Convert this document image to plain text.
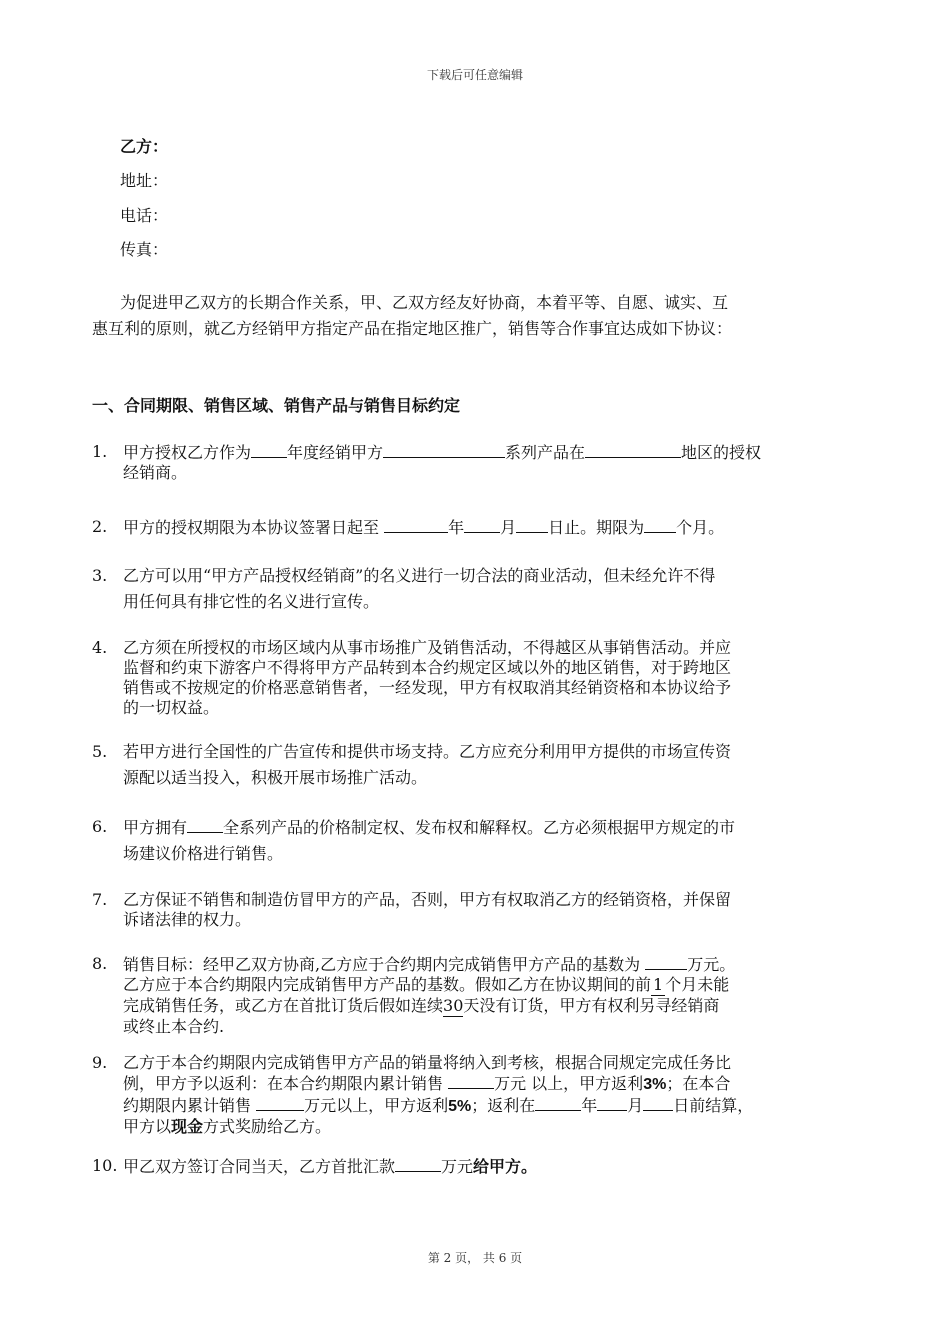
下载后可任意编辑
乙方：
地址：
电话：
传真：
为促进甲乙双方的长期合作关系，甲、乙双方经友好协商，本着平等、自愿、诚实、互
惠互利的原则，就乙方经销甲方指定产品在指定地区推广，销售等合作事宜达成如下协议：
一、合同期限、销售区域、销售产品与销售目标约定
1. 甲方授权乙方作为 年度经销甲方	系列产品在	地区的授权
经销商。
2. 甲方的授权期限为本协议签署日起至	年 月 日止。期限为 个月。
3. 乙方可以用“甲方产品授权经销商”的名义进行一切合法的商业活动，但未经允许不得
用任何具有排它性的名义进行宣传。
4. 乙方须在所授权的市场区域内从事市场推广及销售活动，不得越区从事销售活动。并应
监督和约束下游客户不得将甲方产品转到本合约规定区域以外的地区销售，对于跨地区
销售或不按规定的价格恶意销售者，一经发现，甲方有权取消其经销资格和本协议给予
的一切权益。
5. 若甲方进行全国性的广告宣传和提供市场支持。乙方应充分利用甲方提供的市场宣传资
源配以适当投入，积极开展市场推广活动。
6. 甲方拥有 全系列产品的价格制定权、发布权和解释权。乙方必须根据甲方规定的市
场建议价格进行销售。
7. 乙方保证不销售和制造仿冒甲方的产品，否则，甲方有权取消乙方的经销资格，并保留
诉诸法律的权力。
8. 销售目标：经甲乙双方协商,乙方应于合约期内完成销售甲方产品的基数为	万元。
乙方应于本合约期限内完成销售甲方产品的基数。假如乙方在协议期间的前 1 个月未能
完成销售任务，或乙方在首批订货后假如连续30天没有订货，甲方有权利另寻经销商
或终止本合约.
9. 乙方于本合约期限内完成销售甲方产品的销量将纳入到考核，根据合同规定完成任务比
例，甲方予以返利：在本合约期限内累计销售	万元 以上，甲方返利3%；在本合
约期限内累计销售	万元以上，甲方返利5%；返利在	年 月 日前结算，
甲方以现金方式奖励给乙方。
10. 甲乙双方签订合同当天，乙方首批汇款	万元给甲方。
第 2 页， 共 6 页
